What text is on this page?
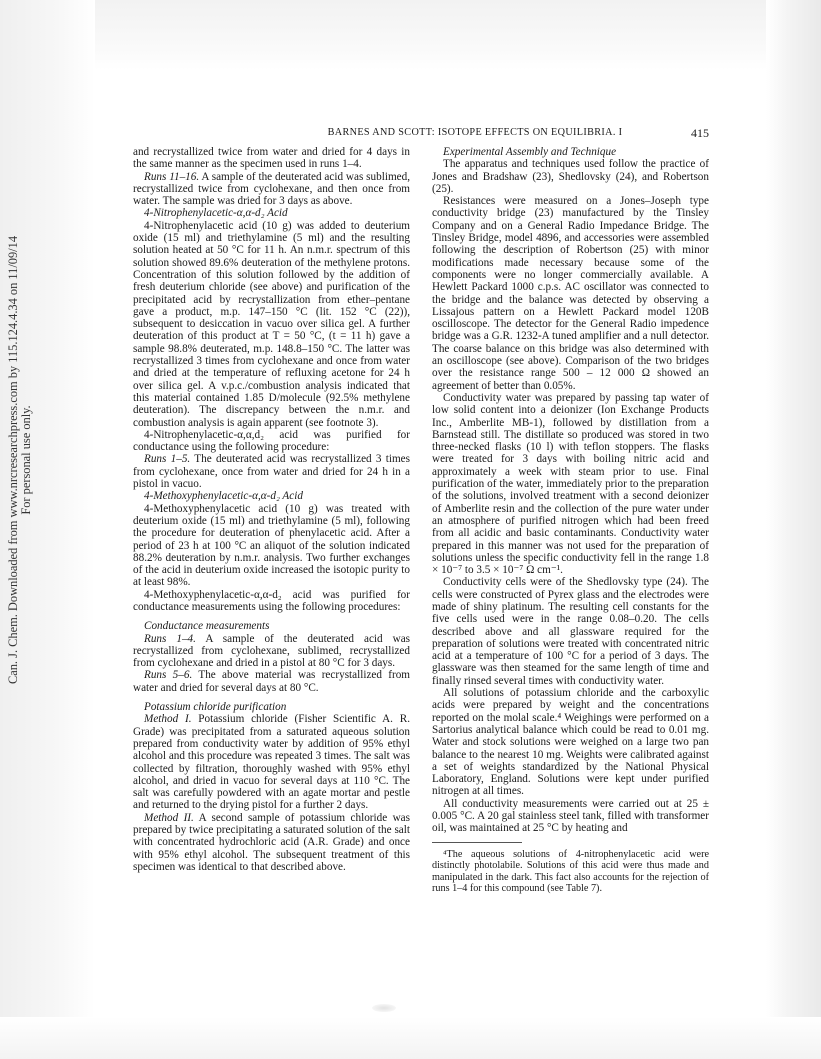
Can. J. Chem. Downloaded from www.nrcresearchpress.com by 115.124.4.34 on 11/09/14 For personal use only.
BARNES AND SCOTT: ISOTOPE EFFECTS ON EQUILIBRIA. I	415

and recrystallized twice from water and dried for 4 days in the same manner as the specimen used in runs 1–4.

Runs 11–16. A sample of the deuterated acid was sublimed, recrystallized twice from cyclohexane, and then once from water. The sample was dried for 3 days as above.

4-Nitrophenylacetic-α,α-d₂ Acid

4-Nitrophenylacetic acid (10 g) was added to deuterium oxide (15 ml) and triethylamine (5 ml) and the resulting solution heated at 50 °C for 11 h. An n.m.r. spectrum of this solution showed 89.6% deuteration of the methylene protons. Concentration of this solution followed by the addition of fresh deuterium chloride (see above) and purification of the precipitated acid by recrystallization from ether–pentane gave a product, m.p. 147–150 °C (lit. 152 °C (22)), subsequent to desiccation in vacuo over silica gel. A further deuteration of this product at T = 50 °C, (t = 11 h) gave a sample 98.8% deuterated, m.p. 148.8–150 °C. The latter was recrystallized 3 times from cyclohexane and once from water and dried at the temperature of refluxing acetone for 24 h over silica gel. A v.p.c./combustion analysis indicated that this material contained 1.85 D/molecule (92.5% methylene deuteration). The discrepancy between the n.m.r. and combustion analysis is again apparent (see footnote 3).

4-Nitrophenylacetic-α,α,d₂ acid was purified for conductance using the following procedure:

Runs 1–5. The deuterated acid was recrystallized 3 times from cyclohexane, once from water and dried for 24 h in a pistol in vacuo.

4-Methoxyphenylacetic-α,α-d₂ Acid

4-Methoxyphenylacetic acid (10 g) was treated with deuterium oxide (15 ml) and triethylamine (5 ml), following the procedure for deuteration of phenylacetic acid. After a period of 23 h at 100 °C an aliquot of the solution indicated 88.2% deuteration by n.m.r. analysis. Two further exchanges of the acid in deuterium oxide increased the isotopic purity to at least 98%.

4-Methoxyphenylacetic-α,α-d₂ acid was purified for conductance measurements using the following procedures:

Conductance measurements

Runs 1–4. A sample of the deuterated acid was recrystallized from cyclohexane, sublimed, recrystallized from cyclohexane and dried in a pistol at 80 °C for 3 days.

Runs 5–6. The above material was recrystallized from water and dried for several days at 80 °C.

Potassium chloride purification

Method I. Potassium chloride (Fisher Scientific A. R. Grade) was precipitated from a saturated aqueous solution prepared from conductivity water by addition of 95% ethyl alcohol and this procedure was repeated 3 times. The salt was collected by filtration, thoroughly washed with 95% ethyl alcohol, and dried in vacuo for several days at 110 °C. The salt was carefully powdered with an agate mortar and pestle and returned to the drying pistol for a further 2 days.

Method II. A second sample of potassium chloride was prepared by twice precipitating a saturated solution of the salt with concentrated hydrochloric acid (A.R. Grade) and once with 95% ethyl alcohol. The subsequent treatment of this specimen was identical to that described above.

Experimental Assembly and Technique

The apparatus and techniques used follow the practice of Jones and Bradshaw (23), Shedlovsky (24), and Robertson (25).

Resistances were measured on a Jones–Joseph type conductivity bridge (23) manufactured by the Tinsley Company and on a General Radio Impedance Bridge. The Tinsley Bridge, model 4896, and accessories were assembled following the description of Robertson (25) with minor modifications made necessary because some of the components were no longer commercially available. A Hewlett Packard 1000 c.p.s. AC oscillator was connected to the bridge and the balance was detected by observing a Lissajous pattern on a Hewlett Packard model 120B oscilloscope. The detector for the General Radio impedence bridge was a G.R. 1232-A tuned amplifier and a null detector. The coarse balance on this bridge was also determined with an oscilloscope (see above). Comparison of the two bridges over the resistance range 500 – 12 000 Ω showed an agreement of better than 0.05%.

Conductivity water was prepared by passing tap water of low solid content into a deionizer (Ion Exchange Products Inc., Amberlite MB-1), followed by distillation from a Barnstead still. The distillate so produced was stored in two three-necked flasks (10 l) with teflon stoppers. The flasks were treated for 3 days with boiling nitric acid and approximately a week with steam prior to use. Final purification of the water, immediately prior to the preparation of the solutions, involved treatment with a second deionizer of Amberlite resin and the collection of the pure water under an atmosphere of purified nitrogen which had been freed from all acidic and basic contaminants. Conductivity water prepared in this manner was not used for the preparation of solutions unless the specific conductivity fell in the range 1.8 × 10⁻⁷ to 3.5 × 10⁻⁷ Ω cm⁻¹.

Conductivity cells were of the Shedlovsky type (24). The cells were constructed of Pyrex glass and the electrodes were made of shiny platinum. The resulting cell constants for the five cells used were in the range 0.08–0.20. The cells described above and all glassware required for the preparation of solutions were treated with concentrated nitric acid at a temperature of 100 °C for a period of 3 days. The glassware was then steamed for the same length of time and finally rinsed several times with conductivity water.

All solutions of potassium chloride and the carboxylic acids were prepared by weight and the concentrations reported on the molal scale.⁴ Weighings were performed on a Sartorius analytical balance which could be read to 0.01 mg. Water and stock solutions were weighed on a large two pan balance to the nearest 10 mg. Weights were calibrated against a set of weights standardized by the National Physical Laboratory, England. Solutions were kept under purified nitrogen at all times.

All conductivity measurements were carried out at 25 ± 0.005 °C. A 20 gal stainless steel tank, filled with transformer oil, was maintained at 25 °C by heating and

⁴The aqueous solutions of 4-nitrophenylacetic acid were distinctly photolabile. Solutions of this acid were thus made and manipulated in the dark. This fact also accounts for the rejection of runs 1–4 for this compound (see Table 7).
